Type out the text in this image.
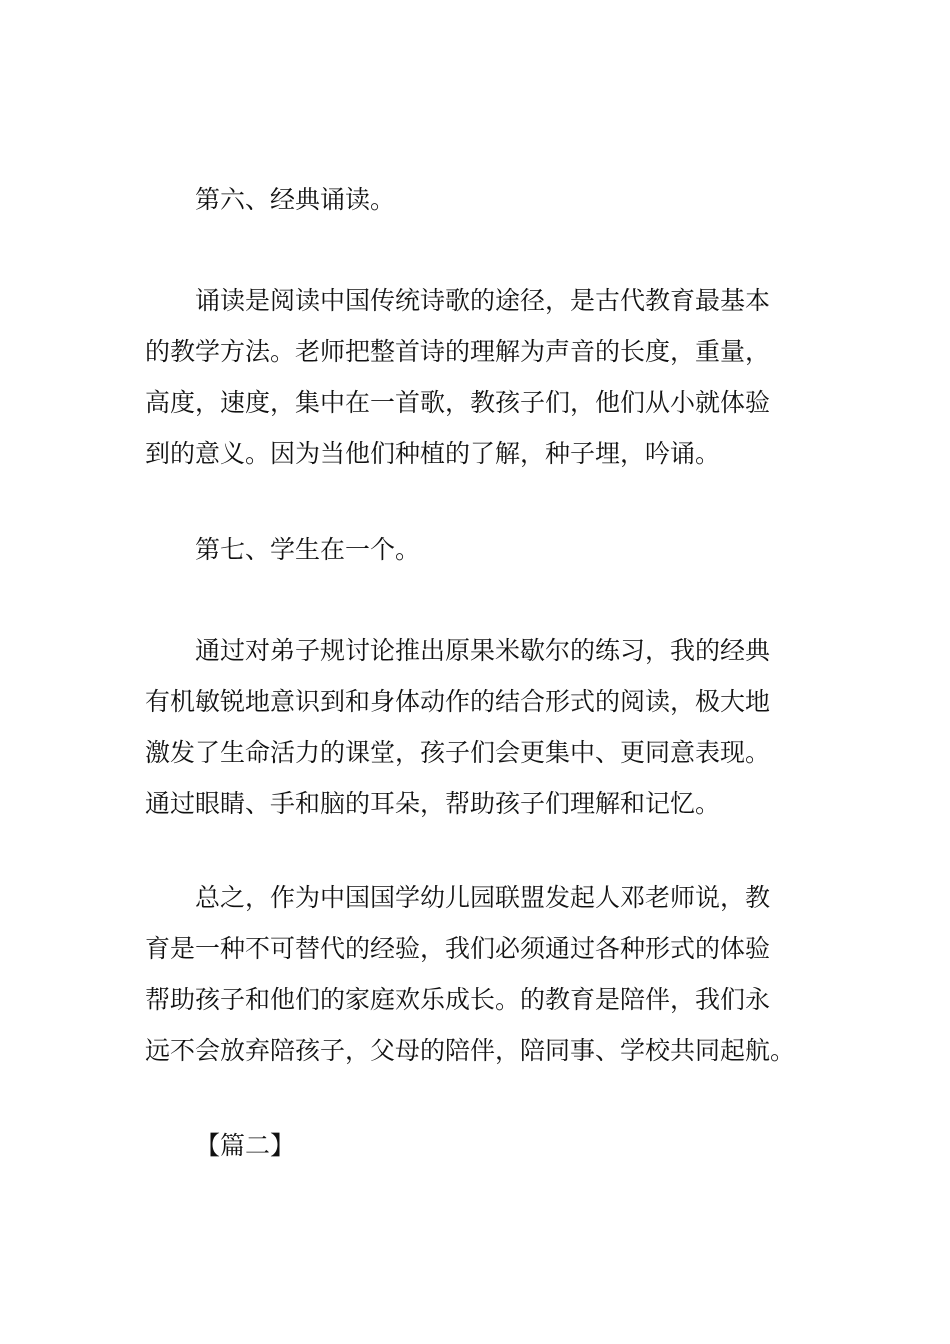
第六、经典诵读。

诵读是阅读中国传统诗歌的途径，是古代教育最基本
的教学方法。老师把整首诗的理解为声音的长度，重量，
高度，速度，集中在一首歌，教孩子们，他们从小就体验
到的意义。因为当他们种植的了解，种子埋，吟诵。

第七、学生在一个。

通过对弟子规讨论推出原果米歇尔的练习，我的经典
有机敏锐地意识到和身体动作的结合形式的阅读，极大地
激发了生命活力的课堂，孩子们会更集中、更同意表现。
通过眼睛、手和脑的耳朵，帮助孩子们理解和记忆。

总之，作为中国国学幼儿园联盟发起人邓老师说，教
育是一种不可替代的经验，我们必须通过各种形式的体验
帮助孩子和他们的家庭欢乐成长。的教育是陪伴，我们永
远不会放弃陪孩子，父母的陪伴，陪同事、学校共同起航。

【篇二】
